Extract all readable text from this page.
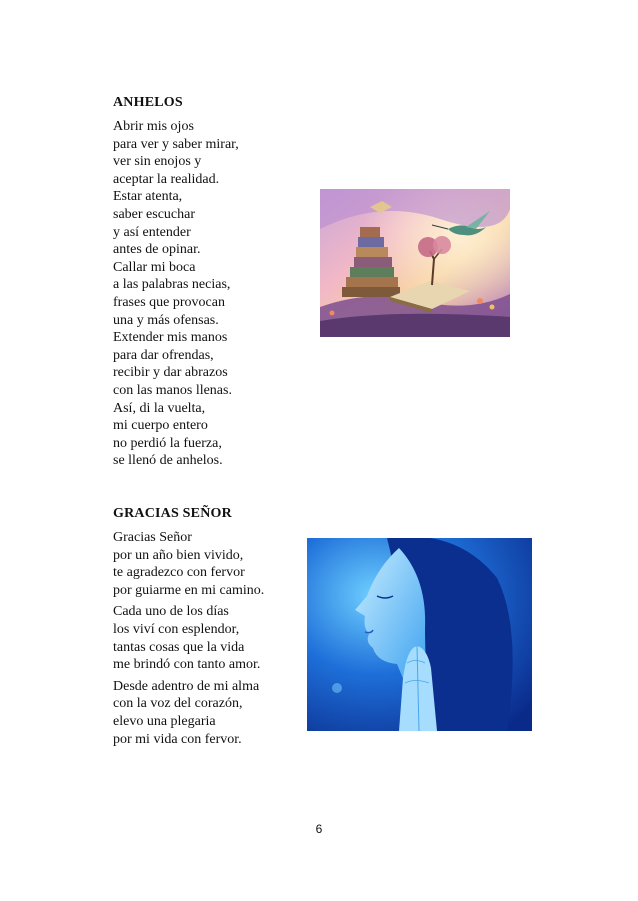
ANHELOS
Abrir mis ojos
para ver y saber mirar,
ver sin enojos y
aceptar la realidad.
Estar atenta,
saber escuchar
y así entender
antes de opinar.
Callar mi boca
a las palabras necias,
frases que provocan
una y más ofensas.
Extender mis manos
para dar ofrendas,
recibir y dar abrazos
con las manos llenas.
Así, di la vuelta,
mi cuerpo entero
no perdió la fuerza,
se llenó de anhelos.
GRACIAS SEÑOR
Gracias Señor
por un año bien vivido,
te agradezco con fervor
por guiarme en mi camino.
Cada uno de los días
los viví con esplendor,
tantas cosas que la vida
me brindó con tanto amor.
Desde adentro de mi alma
con la voz del corazón,
elevo una plegaria
por mi vida con fervor.
6
